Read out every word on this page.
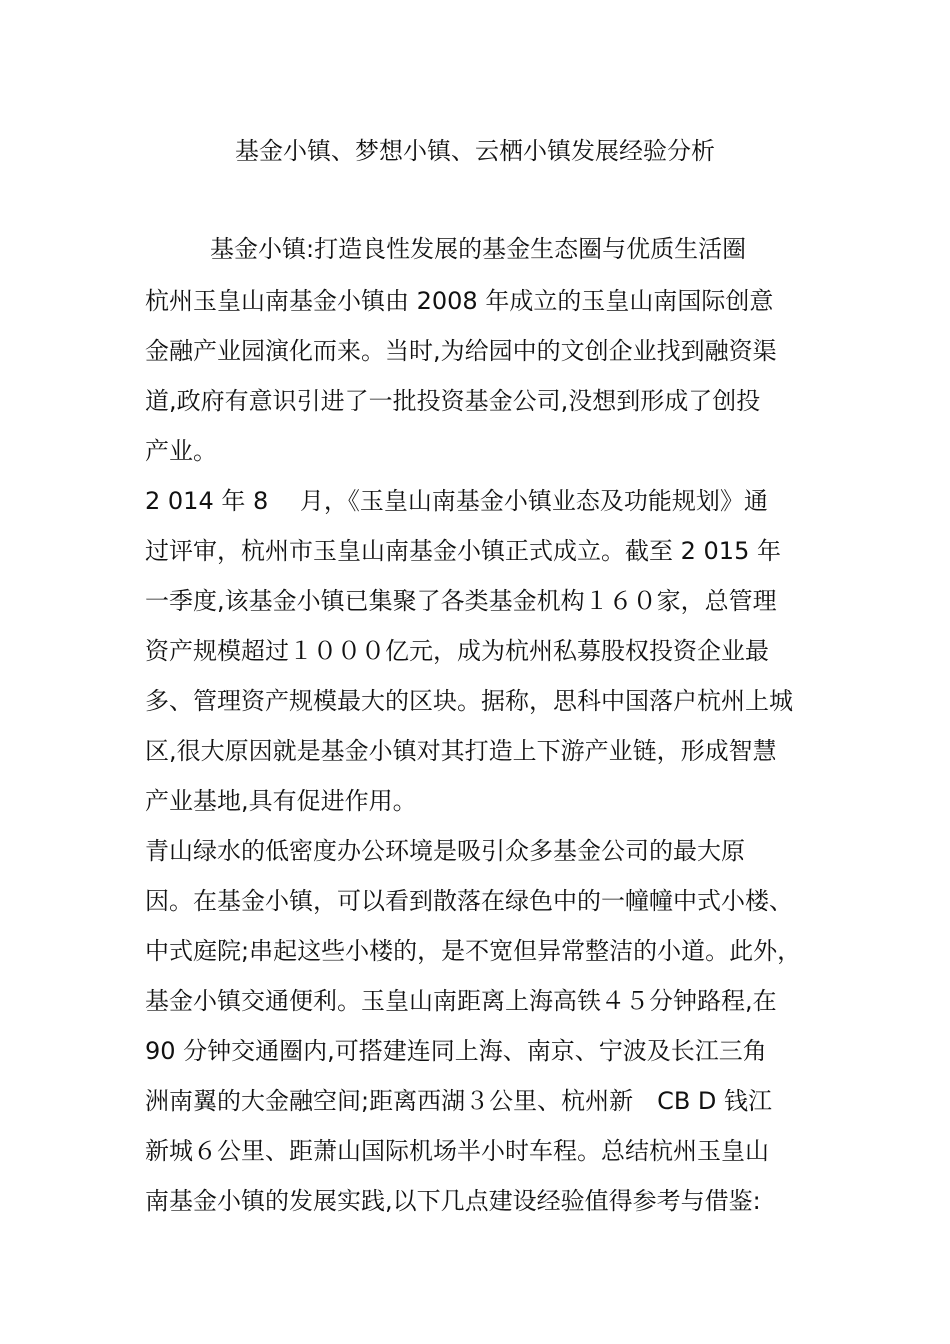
基金小镇、梦想小镇、云栖小镇发展经验分析
基金小镇:打造良性发展的基金生态圈与优质生活圈
杭州玉皇山南基金小镇由 2008 年成立的玉皇山南国际创意
金融产业园演化而来。当时,为给园中的文创企业找到融资渠
道,政府有意识引进了一批投资基金公司,没想到形成了创投
产业。
2 014 年 8　 月，《玉皇山南基金小镇业态及功能规划》通
过评审，杭州市玉皇山南基金小镇正式成立。截至 2 015 年
一季度,该基金小镇已集聚了各类基金机构１６０家，总管理
资产规模超过１０００亿元，成为杭州私募股权投资企业最
多、管理资产规模最大的区块。据称，思科中国落户杭州上城
区,很大原因就是基金小镇对其打造上下游产业链，形成智慧
产业基地,具有促进作用。
青山绿水的低密度办公环境是吸引众多基金公司的最大原
因。在基金小镇，可以看到散落在绿色中的一幢幢中式小楼、
中式庭院;串起这些小楼的，是不宽但异常整洁的小道。此外，
基金小镇交通便利。玉皇山南距离上海高铁４５分钟路程,在
90 分钟交通圈内,可搭建连同上海、南京、宁波及长江三角
洲南翼的大金融空间;距离西湖３公里、杭州新　CB D 钱江
新城６公里、距萧山国际机场半小时车程。总结杭州玉皇山
南基金小镇的发展实践,以下几点建设经验值得参考与借鉴:
